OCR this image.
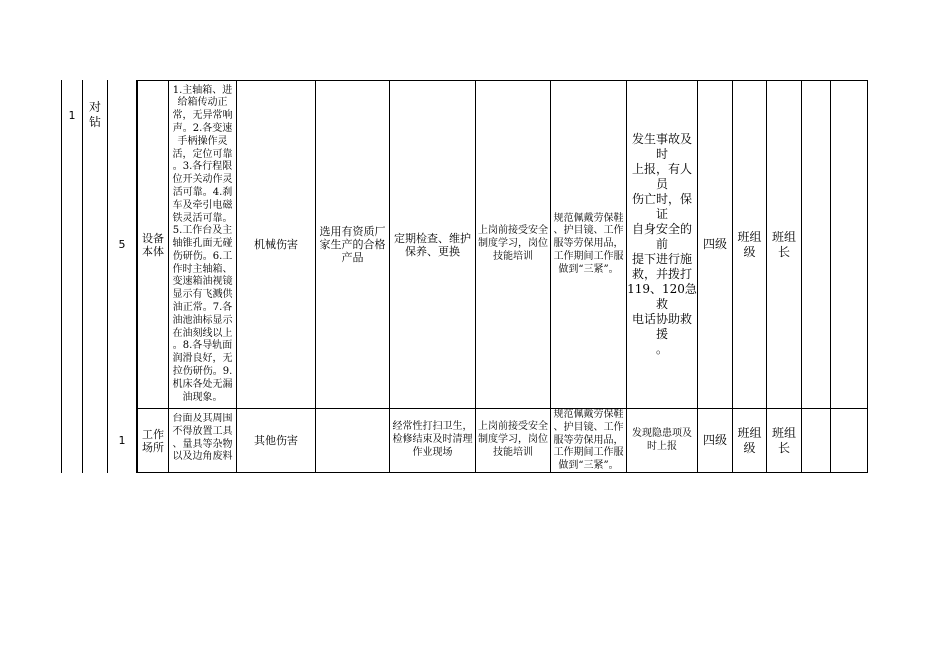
1
对
钻
5 设备
本体
1.主轴箱、进
给箱传动正
常，无异常响
声。2.各变速
手柄操作灵
活，定位可靠
。3.各行程限
位开关动作灵
活可靠。4.刹
车及牵引电磁
铁灵活可靠。
5.工作台及主
轴锥孔面无碰
伤研伤。6.工
作时主轴箱、
变速箱油视镜
显示有飞溅供
油正常。7.各
油池油标显示
在油刻线以上
。8.各导轨面
润滑良好，无
拉伤研伤。9.
机床各处无漏
油现象。
机械伤害
选用有资质厂
家生产的合格
产品
定期检查、维护
保养、更换
上岗前接受安全
制度学习，岗位
技能培训
规范佩戴劳保鞋
、护目镜、工作
服等劳保用品，
工作期间工作服
做到“三紧”。
发生事故及时
上报，有人员
伤亡时，保证
自身安全的前
提下进行施
救，并拨打
119、120急救
电话协助救援
。
四级
班组
级
班组
长
1 工作
场所
台面及其周围
不得放置工具
、量具等杂物
以及边角废料
其他伤害
经常性打扫卫生，
检修结束及时清理
作业现场
上岗前接受安全
制度学习，岗位
技能培训
规范佩戴劳保鞋
、护目镜、工作
服等劳保用品，
工作期间工作服
做到“三紧”。
发现隐患项及
时上报	四级
班组
级
班组
长
